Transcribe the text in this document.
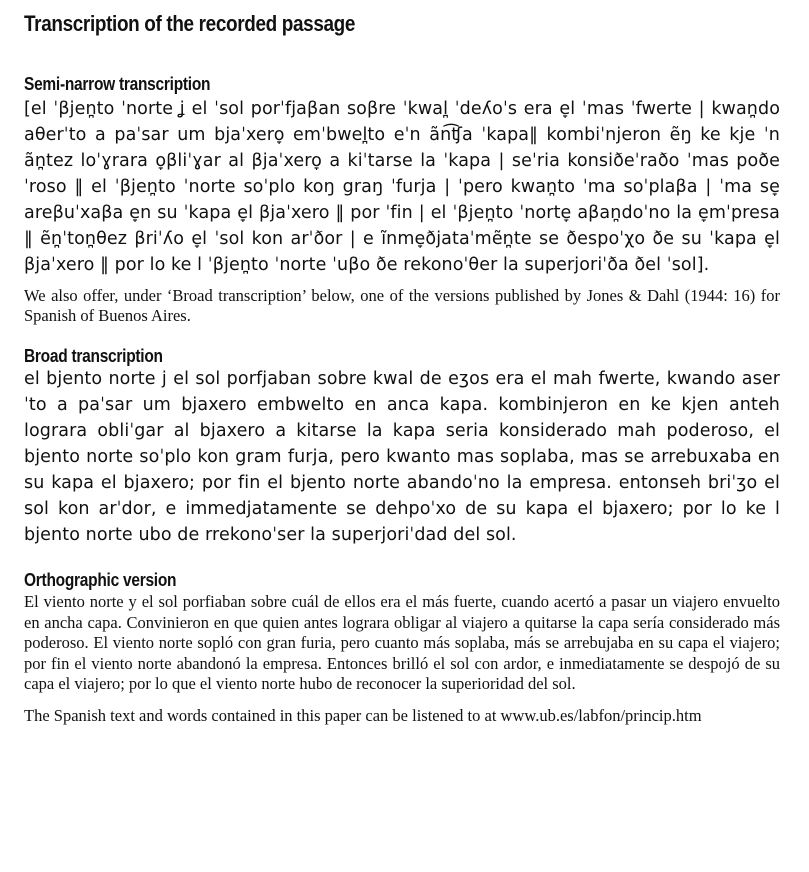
Transcription of the recorded passage
Semi-narrow transcription

[el ˈβjen̪to ˈnorte ʝ el ˈsol porˈfjaβan soβre ˈkwal̪ ˈdeʎoˈs era e̞l ˈmas ˈfwerte | kwan̪do aθerˈto a paˈsar um bjaˈxero̞ emˈbwel̪to eˈn ãn͡ʧa ˈkapa‖ kombiˈnjeron ẽŋ ke kje ˈn ãn̪tez loˈɣrara o̞βliˈɣar al βjaˈxero̞ a kiˈtarse la ˈkapa | seˈria konsiðeˈraðo ˈmas poðeˈroso ‖ el ˈβjen̪to ˈnorte soˈplo koŋ graŋ ˈfurja | ˈpero kwan̪to ˈma soˈplaβa | ˈma se̞ areβuˈxaβa e̞n su ˈkapa e̞l βjaˈxero ‖ por ˈfin | el ˈβjen̪to ˈnorte̞ aβan̪doˈno la e̞mˈpresa ‖ ẽn̪ˈton̪θez βriˈʎo e̞l ˈsol kon arˈðor | e ĩnme̞ðjataˈmẽn̪te se ðespoˈχo ðe su ˈkapa e̞l βjaˈxero ‖ por lo ke l ˈβjen̪to ˈnorte ˈuβo ðe rekonoˈθer la superjoriˈða ðel ˈsol].

We also offer, under ‘Broad transcription’ below, one of the versions published by Jones & Dahl (1944: 16) for Spanish of Buenos Aires.

Broad transcription

el bjento norte j el sol porfjaban sobre kwal de eʒos era el mah fwerte, kwando aserˈto a paˈsar um bjaxero embwelto en anca kapa. kombinjeron en ke kjen anteh lograra obliˈgar al bjaxero a kitarse la kapa seria konsiderado mah poderoso, el bjento norte soˈplo kon gram furja, pero kwanto mas soplaba, mas se arrebuxaba en su kapa el bjaxero; por fin el bjento norte abandoˈno la empresa. entonseh briˈʒo el sol kon arˈdor, e immedjatamente se dehpoˈxo de su kapa el bjaxero; por lo ke l bjento norte ubo de rrekonoˈser la superjoriˈdad del sol.

Orthographic version

El viento norte y el sol porfiaban sobre cuál de ellos era el más fuerte, cuando acertó a pasar un viajero envuelto en ancha capa. Convinieron en que quien antes lograra obligar al viajero a quitarse la capa sería considerado más poderoso. El viento norte sopló con gran furia, pero cuanto más soplaba, más se arrebujaba en su capa el viajero; por fin el viento norte abandonó la empresa. Entonces brilló el sol con ardor, e inmediatamente se despojó de su capa el viajero; por lo que el viento norte hubo de reconocer la superioridad del sol.

The Spanish text and words contained in this paper can be listened to at www.ub.es/labfon/princip.htm
